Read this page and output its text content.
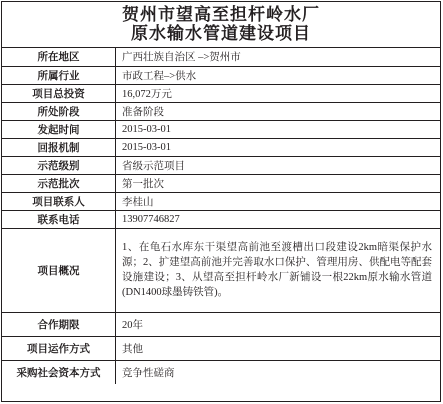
贺州市望高至担杆岭水厂
原水输水管道建设项目
所在地区	广西壮族自治区 –>贺州市
所属行业	市政工程–>供水
项目总投资	16,072万元
所处阶段	准备阶段
发起时间	2015-03-01
回报机制	2015-03-01
示范级别	省级示范项目
示范批次	第一批次
项目联系人	李桂山
联系电话	13907746827
项目概况	1、在龟石水库东干渠望高前池至渡槽出口段建设2km暗渠保护水源；2、扩建望高前池并完善取水口保护、管理用房、供配电等配套设施建设；3、从望高至担杆岭水厂新铺设一根22km原水输水管道(DN1400球墨铸铁管)。
合作期限	20年
项目运作方式	其他
采购社会资本方式	竞争性磋商
